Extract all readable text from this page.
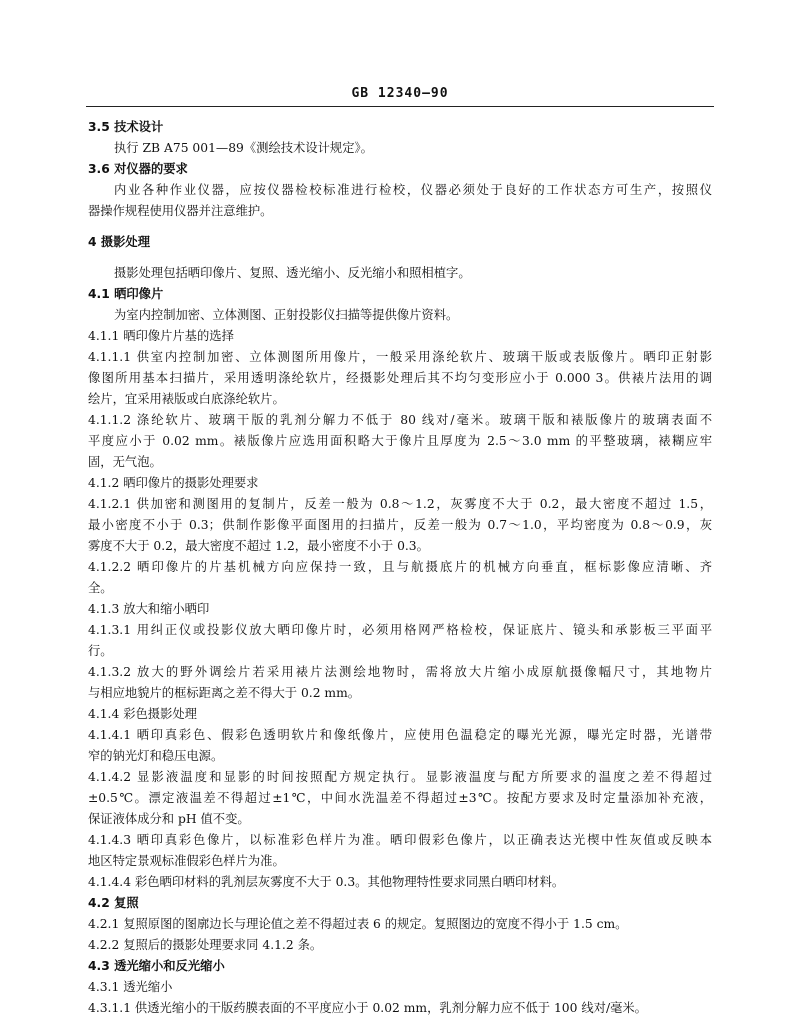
GB 12340—90
3.5 技术设计
执行 ZB A75 001—89《测绘技术设计规定》。
3.6 对仪器的要求
内业各种作业仪器，应按仪器检校标准进行检校，仪器必须处于良好的工作状态方可生产，按照仪
器操作规程使用仪器并注意维护。
4 摄影处理
摄影处理包括晒印像片、复照、透光缩小、反光缩小和照相植字。
4.1 晒印像片
为室内控制加密、立体测图、正射投影仪扫描等提供像片资料。
4.1.1 晒印像片片基的选择
4.1.1.1 供室内控制加密、立体测图所用像片，一般采用涤纶软片、玻璃干版或表版像片。晒印正射影
像图所用基本扫描片，采用透明涤纶软片，经摄影处理后其不均匀变形应小于 0.000 3。供裱片法用的调
绘片，宜采用裱版或白底涤纶软片。
4.1.1.2 涤纶软片、玻璃干版的乳剂分解力不低于 80 线对/毫米。玻璃干版和裱版像片的玻璃表面不
平度应小于 0.02 mm。裱版像片应选用面积略大于像片且厚度为 2.5～3.0 mm 的平整玻璃，裱糊应牢
固，无气泡。
4.1.2 晒印像片的摄影处理要求
4.1.2.1 供加密和测图用的复制片，反差一般为 0.8～1.2，灰雾度不大于 0.2，最大密度不超过 1.5，
最小密度不小于 0.3；供制作影像平面图用的扫描片，反差一般为 0.7～1.0，平均密度为 0.8～0.9，灰
雾度不大于 0.2，最大密度不超过 1.2，最小密度不小于 0.3。
4.1.2.2 晒印像片的片基机械方向应保持一致，且与航摄底片的机械方向垂直，框标影像应清晰、齐
全。
4.1.3 放大和缩小晒印
4.1.3.1 用纠正仪或投影仪放大晒印像片时，必须用格网严格检校，保证底片、镜头和承影板三平面平
行。
4.1.3.2 放大的野外调绘片若采用裱片法测绘地物时，需将放大片缩小成原航摄像幅尺寸，其地物片
与相应地貌片的框标距离之差不得大于 0.2 mm。
4.1.4 彩色摄影处理
4.1.4.1 晒印真彩色、假彩色透明软片和像纸像片，应使用色温稳定的曝光光源，曝光定时器，光谱带
窄的钠光灯和稳压电源。
4.1.4.2 显影液温度和显影的时间按照配方规定执行。显影液温度与配方所要求的温度之差不得超过
±0.5℃。漂定液温差不得超过±1℃，中间水洗温差不得超过±3℃。按配方要求及时定量添加补充液，
保证液体成分和 pH 值不变。
4.1.4.3 晒印真彩色像片，以标准彩色样片为准。晒印假彩色像片，以正确表达光楔中性灰值或反映本
地区特定景观标准假彩色样片为准。
4.1.4.4 彩色晒印材料的乳剂层灰雾度不大于 0.3。其他物理特性要求同黑白晒印材料。
4.2 复照
4.2.1 复照原图的图廓边长与理论值之差不得超过表 6 的规定。复照图边的宽度不得小于 1.5 cm。
4.2.2 复照后的摄影处理要求同 4.1.2 条。
4.3 透光缩小和反光缩小
4.3.1 透光缩小
4.3.1.1 供透光缩小的干版药膜表面的不平度应小于 0.02 mm，乳剂分解力应不低于 100 线对/毫米。
